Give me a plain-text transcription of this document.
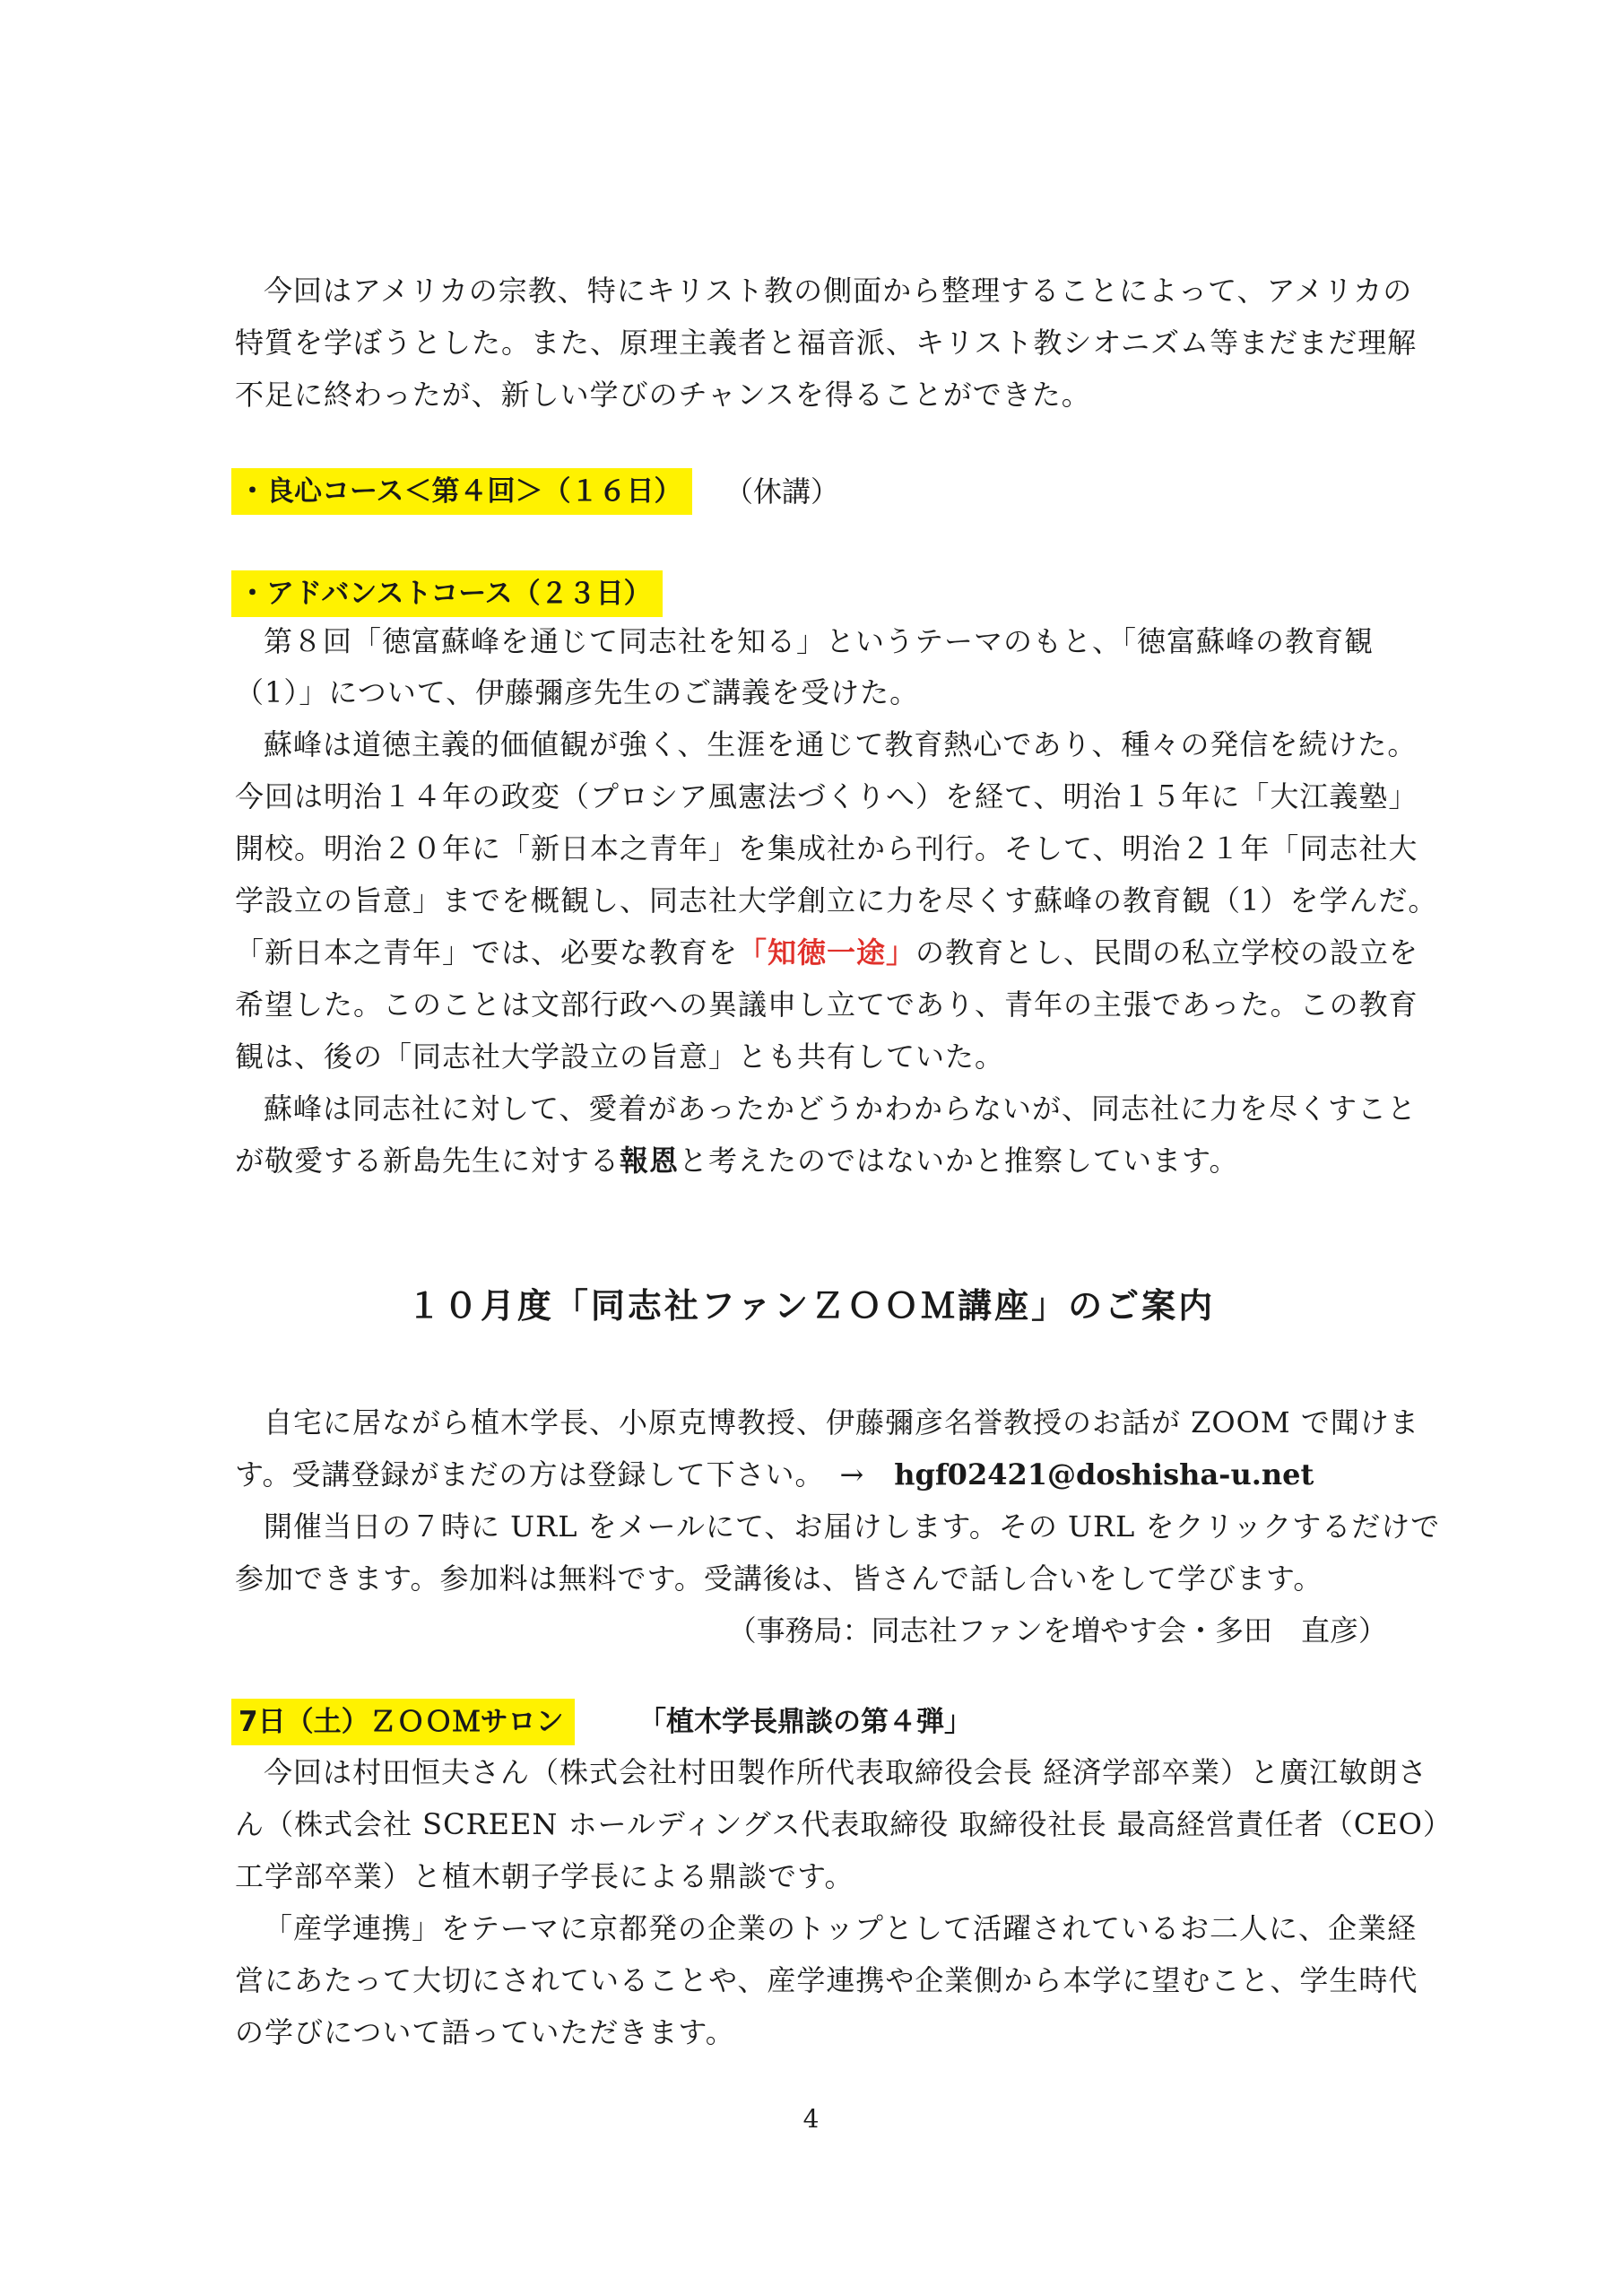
今回はアメリカの宗教、特にキリスト教の側面から整理することによって、アメリカの
特質を学ぼうとした。また、原理主義者と福音派、キリスト教シオニズム等まだまだ理解
不足に終わったが、新しい学びのチャンスを得ることができた。
・良心コース＜第４回＞（１６日）	（休講）
・アドバンストコース（２３日）
第８回「徳富蘇峰を通じて同志社を知る」というテーマのもと、「徳富蘇峰の教育観
（1）」について、伊藤彌彦先生のご講義を受けた。
蘇峰は道徳主義的価値観が強く、生涯を通じて教育熱心であり、種々の発信を続けた。
今回は明治１４年の政変（プロシア風憲法づくりへ）を経て、明治１５年に「大江義塾」
開校。明治２０年に「新日本之青年」を集成社から刊行。そして、明治２１年「同志社大
学設立の旨意」までを概観し、同志社大学創立に力を尽くす蘇峰の教育観（1）を学んだ。
「新日本之青年」では、必要な教育を「知徳一途」の教育とし、民間の私立学校の設立を
希望した。このことは文部行政への異議申し立てであり、青年の主張であった。この教育
観は、後の「同志社大学設立の旨意」とも共有していた。
蘇峰は同志社に対して、愛着があったかどうかわからないが、同志社に力を尽くすこと
が敬愛する新島先生に対する報恩と考えたのではないかと推察しています。
１０月度「同志社ファンＺＯＯＭ講座」のご案内
自宅に居ながら植木学長、小原克博教授、伊藤彌彦名誉教授のお話が ZOOM で聞けま
す。受講登録がまだの方は登録して下さい。　→　hgf02421@doshisha-u.net
開催当日の７時に URL をメールにて、お届けします。その URL をクリックするだけで
参加できます。参加料は無料です。受講後は、皆さんで話し合いをして学びます。
（事務局：同志社ファンを増やす会・多田　直彦）
7日（土）ＺＯＯＭサロン	「植木学長鼎談の第４弾」
今回は村田恒夫さん（株式会社村田製作所代表取締役会長 経済学部卒業）と廣江敏朗さ
ん（株式会社 SCREEN ホールディングス代表取締役 取締役社長 最高経営責任者（CEO）
工学部卒業）と植木朝子学長による鼎談です。
「産学連携」をテーマに京都発の企業のトップとして活躍されているお二人に、企業経
営にあたって大切にされていることや、産学連携や企業側から本学に望むこと、学生時代
の学びについて語っていただきます。
4
